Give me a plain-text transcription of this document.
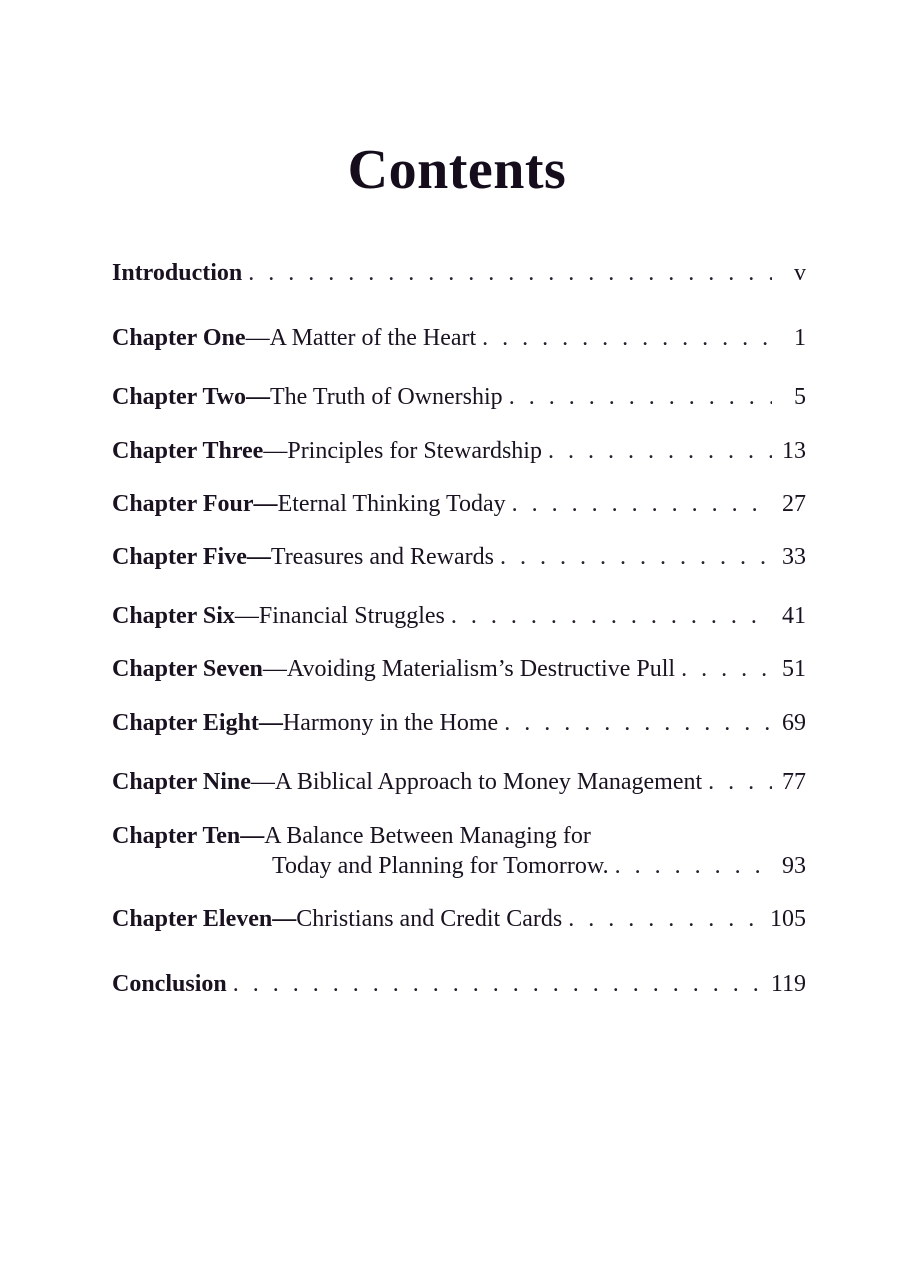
Contents
Introduction . . .	v
Chapter One—A Matter of the Heart . . .	1
Chapter Two—The Truth of Ownership . . .	5
Chapter Three—Principles for Stewardship . . .	13
Chapter Four—Eternal Thinking Today . . .	27
Chapter Five—Treasures and Rewards . . .	33
Chapter Six—Financial Struggles . . .	41
Chapter Seven—Avoiding Materialism’s Destructive Pull . . .	51
Chapter Eight—Harmony in the Home . . .	69
Chapter Nine—A Biblical Approach to Money Management . . .	77
Chapter Ten—A Balance Between Managing for
Today and Planning for Tomorrow. . . .	93
Chapter Eleven—Christians and Credit Cards . . .	105
Conclusion . . .	119
